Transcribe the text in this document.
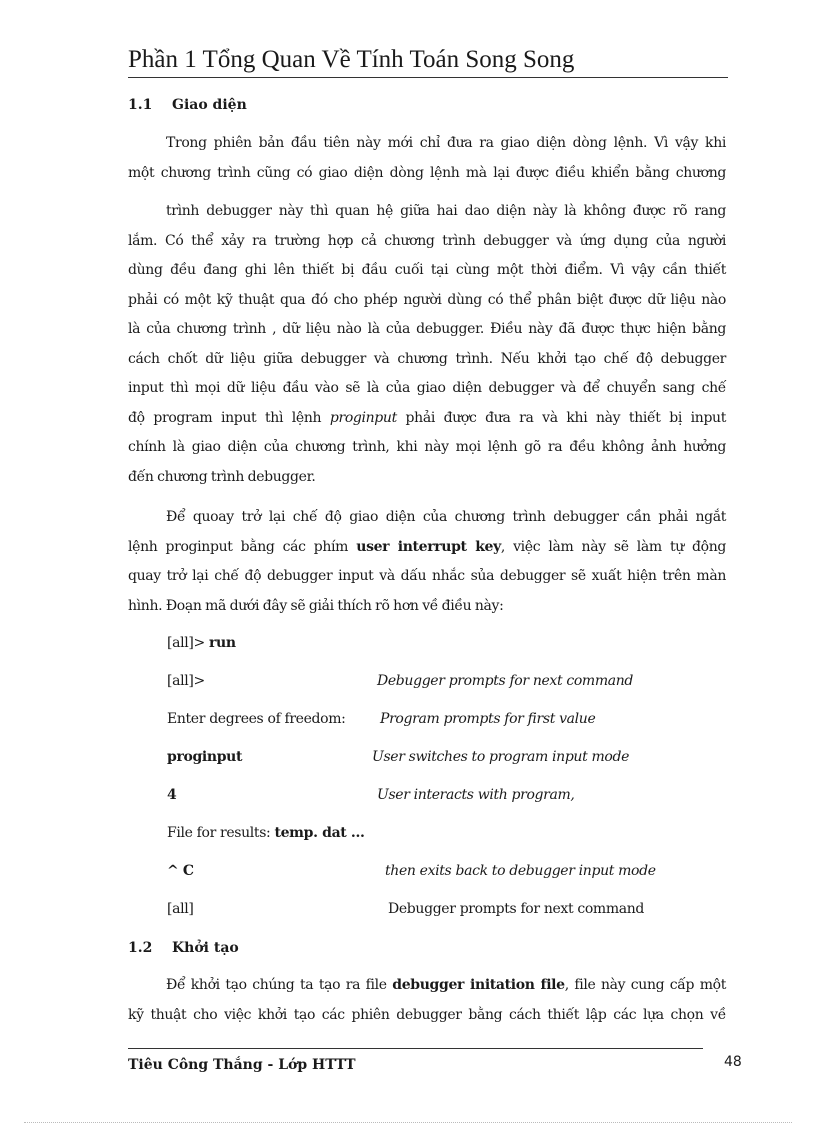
Phần 1 Tổng Quan Về Tính Toán Song Song
1.1 Giao diện
Trong phiên bản đầu tiên này mới chỉ đưa ra giao diện dòng lệnh. Vì vậy khi
một chương trình cũng có giao diện dòng lệnh mà lại được điều khiển bằng chương
trình debugger này thì quan hệ giữa hai dao diện này là không được rõ rang
lắm. Có thể xảy ra trường hợp cả chương trình debugger và ứng dụng của người
dùng đều đang ghi lên thiết bị đầu cuối tại cùng một thời điểm. Vì vậy cần thiết
phải có một kỹ thuật qua đó cho phép người dùng có thể phân biệt được dữ liệu nào
là của chương trình , dữ liệu nào là của debugger. Điều này đã được thực hiện bằng
cách chốt dữ liệu giữa debugger và chương trình. Nếu khởi tạo chế độ debugger
input thì mọi dữ liệu đầu vào sẽ là của giao diện debugger và để chuyển sang chế
độ program input thì lệnh proginput phải được đưa ra và khi này thiết bị input
chính là giao diện của chương trình, khi này mọi lệnh gõ ra đều không ảnh hưởng
đến chương trình debugger.
Để quoay trở lại chế độ giao diện của chương trình debugger cần phải ngắt
lệnh proginput bằng các phím user interrupt key, việc làm này sẽ làm tự động
quay trở lại chế độ debugger input và dấu nhắc sủa debugger sẽ xuất hiện trên màn
hình. Đoạn mã dưới đây sẽ giải thích rõ hơn về điều này:
[all]> run
[all]>	Debugger prompts for next command
Enter degrees of freedom: Program prompts for first value
proginput	User switches to program input mode
4	User interacts with program,
File for results: temp. dat ...
^ C	then exits back to debugger input mode
[all]	Debugger prompts for next command
1.2 Khởi tạo
Để khởi tạo chúng ta tạo ra file debugger initation file, file này cung cấp một
kỹ thuật cho việc khởi tạo các phiên debugger bằng cách thiết lập các lựa chọn về
Tiêu Công Thắng - Lớp HTTT	48
